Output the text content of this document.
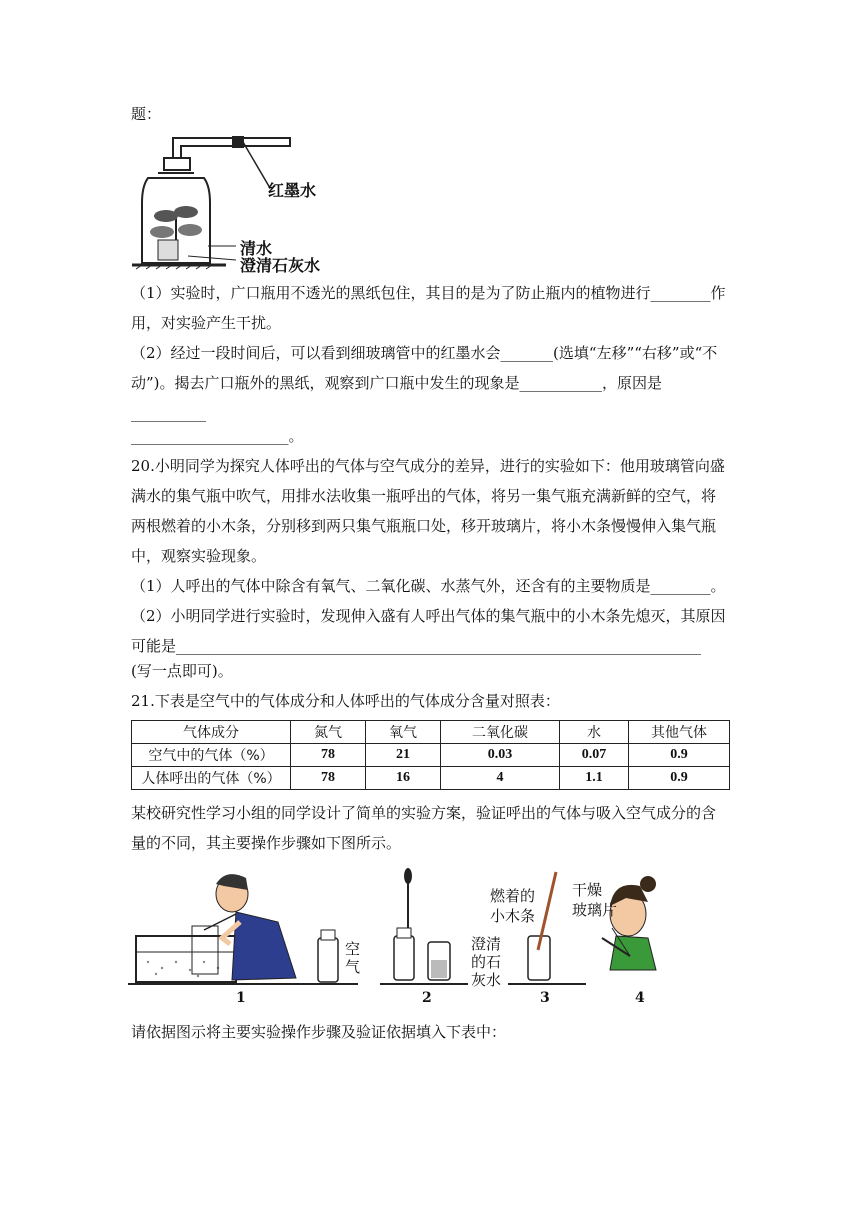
题：
红墨水
清水
澄清石灰水
（1）实验时，广口瓶用不透光的黑纸包住，其目的是为了防止瓶内的植物进行________作
用，对实验产生干扰。
（2）经过一段时间后，可以看到细玻璃管中的红墨水会_______(选填“左移”“右移”或“不
动”)。揭去广口瓶外的黑纸，观察到广口瓶中发生的现象是___________，原因是
__________
_____________________。
20.小明同学为探究人体呼出的气体与空气成分的差异，进行的实验如下：他用玻璃管向盛
满水的集气瓶中吹气，用排水法收集一瓶呼出的气体，将另一集气瓶充满新鲜的空气，将
两根燃着的小木条，分别移到两只集气瓶瓶口处，移开玻璃片，将小木条慢慢伸入集气瓶
中，观察实验现象。
（1）人呼出的气体中除含有氧气、二氧化碳、水蒸气外，还含有的主要物质是________。
（2）小明同学进行实验时，发现伸入盛有人呼出气体的集气瓶中的小木条先熄灭，其原因
可能是______________________________________________________________________
(写一点即可)。
21.下表是空气中的气体成分和人体呼出的气体成分含量对照表：
气体成分	氮气	氧气	二氧化碳	水	其他气体
空气中的气体（%）	78	21	0.03	0.07	0.9
人体呼出的气体（%）	78	16	4	1.1	0.9
某校研究性学习小组的同学设计了简单的实验方案，验证呼出的气体与吸入空气成分的含
量的不同，其主要操作步骤如下图所示。
空
气
澄清
的石
灰水
燃着的
小木条
干燥
玻璃片
1	2	3	4
请依据图示将主要实验操作步骤及验证依据填入下表中：
